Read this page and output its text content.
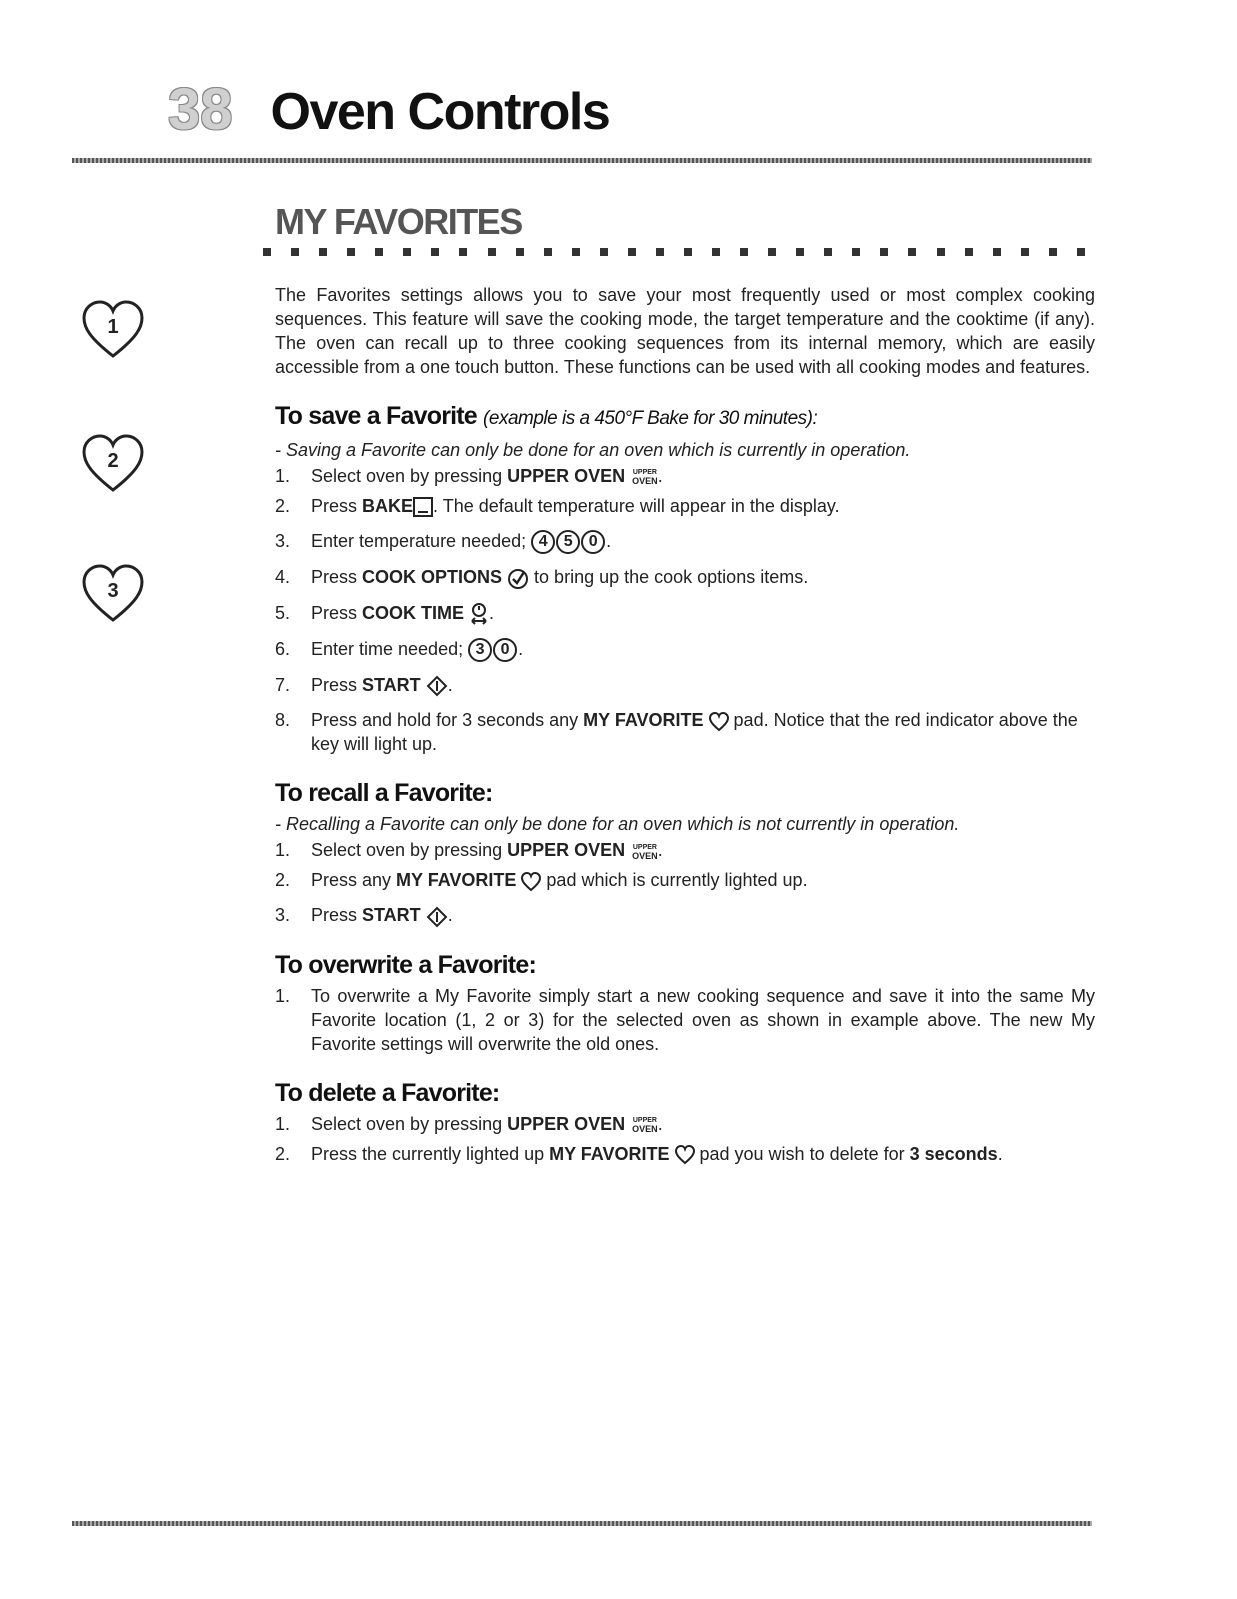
38 Oven Controls
1
2
3
MY FAVORITES

The Favorites settings allows you to save your most frequently used or most complex cooking sequences. This feature will save the cooking mode, the target temperature and the cooktime (if any). The oven can recall up to three cooking sequences from its internal memory, which are easily accessible from a one touch button. These functions can be used with all cooking modes and features.

To save a Favorite (example is a 450°F Bake for 30 minutes):

- Saving a Favorite can only be done for an oven which is currently in operation.

1.	Select oven by pressing UPPER OVEN UPPER
OVEN .
2.	Press BAKE . The default temperature will appear in the display.
3.	Enter temperature needed; 4 5 0 .
4.	Press COOK OPTIONS  to bring up the cook options items.
5.	Press COOK TIME .
6.	Enter time needed; 3 0 .
7.	Press START .
8.	Press and hold for 3 seconds any MY FAVORITE  pad. Notice that the red indicator above the key will light up.
To recall a Favorite:

- Recalling a Favorite can only be done for an oven which is not currently in operation.

1.	Select oven by pressing UPPER OVEN UPPER
OVEN .
2.	Press any MY FAVORITE  pad which is currently lighted up.
3.	Press START .
To overwrite a Favorite:
1.	To overwrite a My Favorite simply start a new cooking sequence and save it into the same My Favorite location (1, 2 or 3) for the selected oven as shown in example above. The new My Favorite settings will overwrite the old ones.
To delete a Favorite:
1.	Select oven by pressing UPPER OVEN UPPER
OVEN .
2.	Press the currently lighted up MY FAVORITE  pad you wish to delete for 3 seconds.
